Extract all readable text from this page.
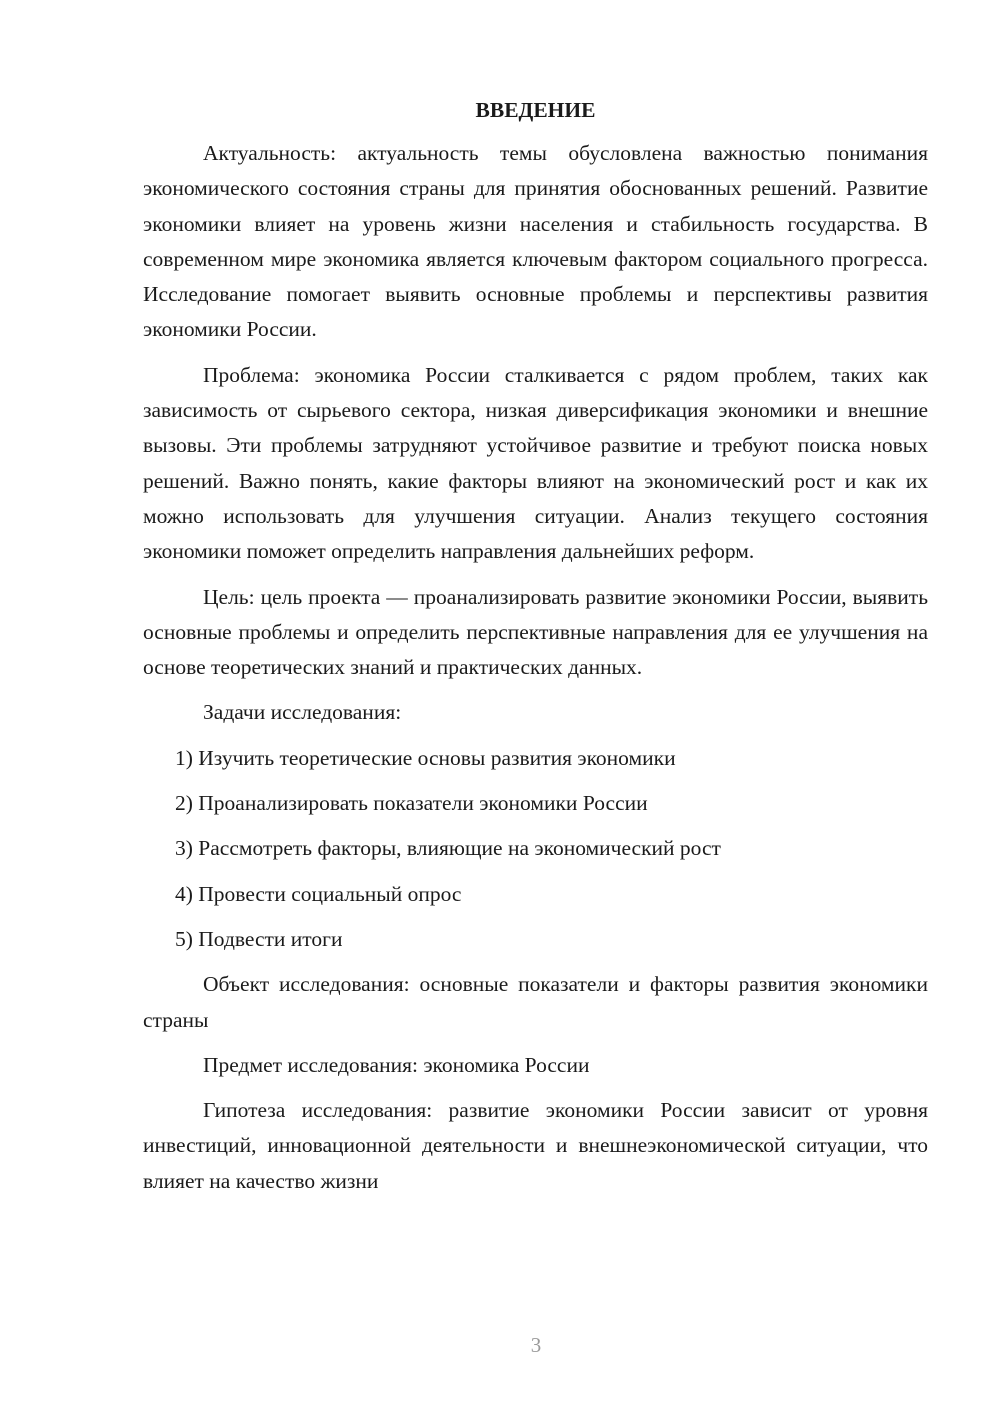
ВВЕДЕНИЕ

Актуальность: актуальность темы обусловлена важностью понимания экономического состояния страны для принятия обоснованных решений. Развитие экономики влияет на уровень жизни населения и стабильность государства. В современном мире экономика является ключевым фактором социального прогресса. Исследование помогает выявить основные проблемы и перспективы развития экономики России.

Проблема: экономика России сталкивается с рядом проблем, таких как зависимость от сырьевого сектора, низкая диверсификация экономики и внешние вызовы. Эти проблемы затрудняют устойчивое развитие и требуют поиска новых решений. Важно понять, какие факторы влияют на экономический рост и как их можно использовать для улучшения ситуации. Анализ текущего состояния экономики поможет определить направления дальнейших реформ.

Цель: цель проекта — проанализировать развитие экономики России, выявить основные проблемы и определить перспективные направления для ее улучшения на основе теоретических знаний и практических данных.

Задачи исследования:

1) Изучить теоретические основы развития экономики
2) Проанализировать показатели экономики России
3) Рассмотреть факторы, влияющие на экономический рост
4) Провести социальный опрос
5) Подвести итоги

Объект исследования: основные показатели и факторы развития экономики страны

Предмет исследования: экономика России

Гипотеза исследования: развитие экономики России зависит от уровня инвестиций, инновационной деятельности и внешнеэкономической ситуации, что влияет на качество жизни

3
